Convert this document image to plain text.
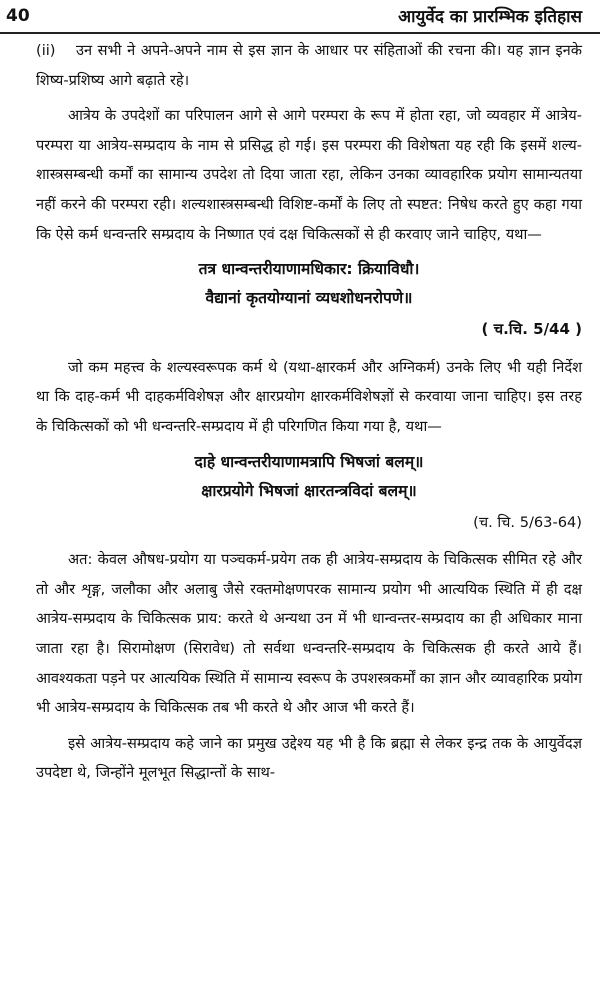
40	आयुर्वेद का प्रारम्भिक इतिहास

(ii) उन सभी ने अपने-अपने नाम से इस ज्ञान के आधार पर संहिताओं की रचना की। यह ज्ञान इनके शिष्य-प्रशिष्य आगे बढ़ाते रहे।

आत्रेय के उपदेशों का परिपालन आगे से आगे परम्परा के रूप में होता रहा, जो व्यवहार में आत्रेय-परम्परा या आत्रेय-सम्प्रदाय के नाम से प्रसिद्ध हो गई। इस परम्परा की विशेषता यह रही कि इसमें शल्य-शास्त्रसम्बन्धी कर्मों का सामान्य उपदेश तो दिया जाता रहा, लेकिन उनका व्यावहारिक प्रयोग सामान्यतया नहीं करने की परम्परा रही। शल्यशास्त्रसम्बन्धी विशिष्ट-कर्मों के लिए तो स्पष्टत: निषेध करते हुए कहा गया कि ऐसे कर्म धन्वन्तरि सम्प्रदाय के निष्णात एवं दक्ष चिकित्सकों से ही करवाए जाने चाहिए, यथा—

तत्र धान्वन्तरीयाणामधिकार: क्रियाविधौ।
वैद्यानां कृतयोग्यानां व्यधशोधनरोपणे॥

( च.चि. 5/44 )

जो कम महत्त्व के शल्यस्वरूपक कर्म थे (यथा-क्षारकर्म और अग्निकर्म) उनके लिए भी यही निर्देश था कि दाह-कर्म भी दाहकर्मविशेषज्ञ और क्षारप्रयोग क्षारकर्मविशेषज्ञों से करवाया जाना चाहिए। इस तरह के चिकित्सकों को भी धन्वन्तरि-सम्प्रदाय में ही परिगणित किया गया है, यथा—

दाहे धान्वन्तरीयाणामत्रापि भिषजां बलम्॥
क्षारप्रयोगे भिषजां क्षारतन्त्रविदां बलम्॥

(च. चि. 5/63-64)

अत: केवल औषध-प्रयोग या पञ्चकर्म-प्रयेग तक ही आत्रेय-सम्प्रदाय के चिकित्सक सीमित रहे और तो और शृङ्ग, जलौका और अलाबु जैसे रक्तमोक्षणपरक सामान्य प्रयोग भी आत्ययिक स्थिति में ही दक्ष आत्रेय-सम्प्रदाय के चिकित्सक प्राय: करते थे अन्यथा उन में भी धान्वन्तर-सम्प्रदाय का ही अधिकार माना जाता रहा है। सिरामोक्षण (सिरावेध) तो सर्वथा धन्वन्तरि-सम्प्रदाय के चिकित्सक ही करते आये हैं। आवश्यकता पड़ने पर आत्ययिक स्थिति में सामान्य स्वरूप के उपशस्त्रकर्मों का ज्ञान और व्यावहारिक प्रयोग भी आत्रेय-सम्प्रदाय के चिकित्सक तब भी करते थे और आज भी करते हैं।

इसे आत्रेय-सम्प्रदाय कहे जाने का प्रमुख उद्देश्य यह भी है कि ब्रह्मा से लेकर इन्द्र तक के आयुर्वेदज्ञ उपदेष्टा थे, जिन्होंने मूलभूत सिद्धान्तों के साथ-
